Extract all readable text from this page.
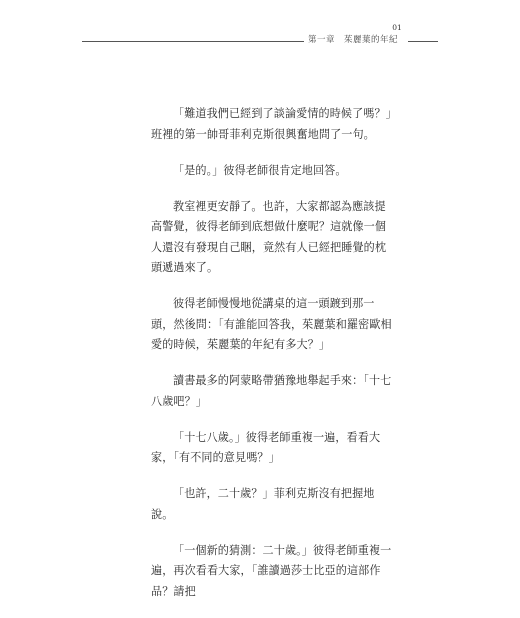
第一章　茱麗葉的年紀
01

「難道我們已經到了談論愛情的時候了嗎？」班裡的第一帥哥菲利克斯很興奮地問了一句。

「是的。」彼得老師很肯定地回答。

教室裡更安靜了。也許，大家都認為應該提高警覺，彼得老師到底想做什麼呢？這就像一個人還沒有發現自己睏，竟然有人已經把睡覺的枕頭遞過來了。

彼得老師慢慢地從講桌的這一頭踱到那一頭，然後問：「有誰能回答我，茱麗葉和羅密歐相愛的時候，茱麗葉的年紀有多大？」

讀書最多的阿蒙略帶猶豫地舉起手來：「十七八歲吧？」

「十七八歲。」彼得老師重複一遍，看看大家，「有不同的意見嗎？」

「也許，二十歲？」菲利克斯沒有把握地說。

「一個新的猜測：二十歲。」彼得老師重複一遍，再次看看大家，「誰讀過莎士比亞的這部作品？請把
